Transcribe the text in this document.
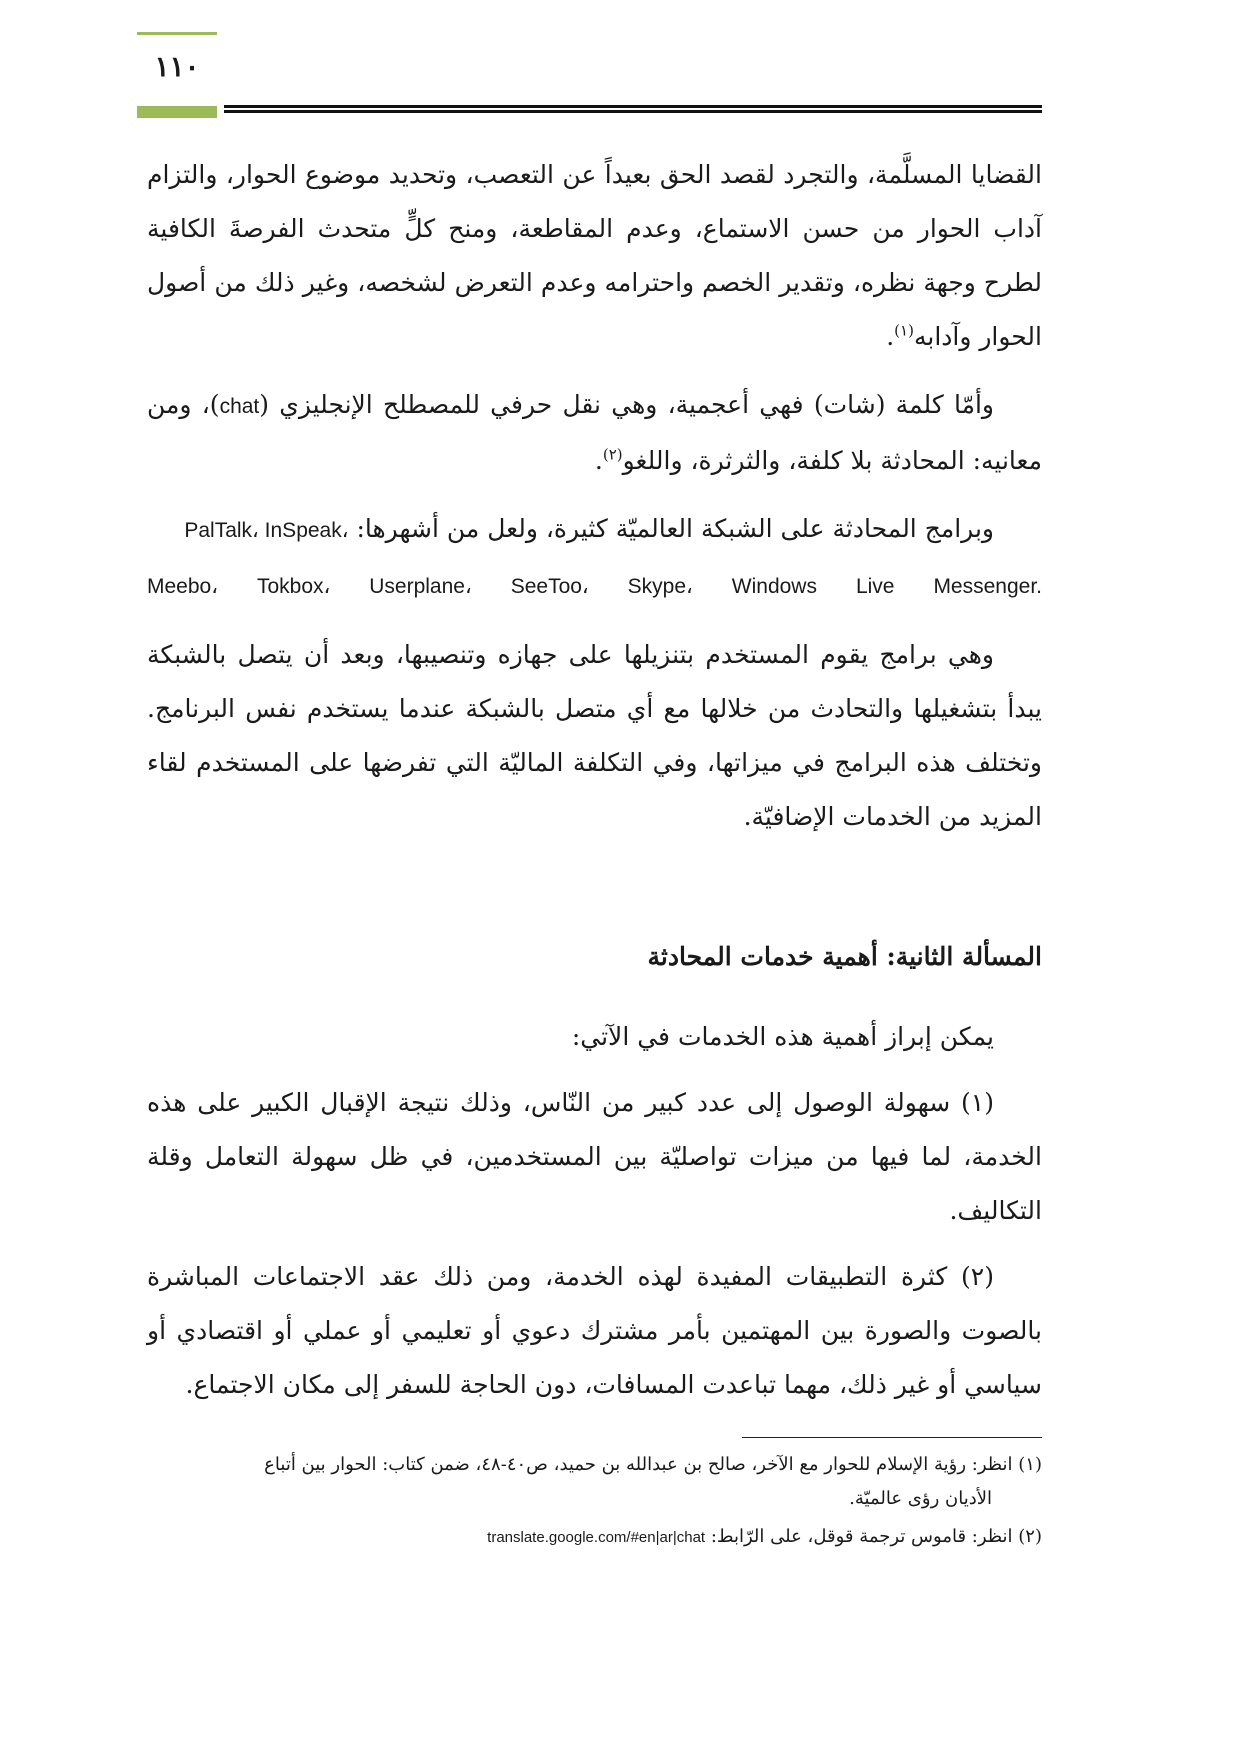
١١٠

القضايا المسلَّمة، والتجرد لقصد الحق بعيداً عن التعصب، وتحديد موضوع الحوار، والتزام آداب الحوار من حسن الاستماع، وعدم المقاطعة، ومنح كلٍّ متحدث الفرصةَ الكافية لطرح وجهة نظره، وتقدير الخصم واحترامه وعدم التعرض لشخصه، وغير ذلك من أصول الحوار وآدابه$^{(١)}$.

وأمّا كلمة (شات) فهي أعجمية، وهي نقل حرفي للمصطلح الإنجليزي (chat)، ومن معانيه: المحادثة بلا كلفة، والثرثرة، واللغو$^{(٢)}$.

وبرامج المحادثة على الشبكة العالميّة كثيرة، ولعل من أشهرها: PalTalk، InSpeak،

Meebo، Tokbox، Userplane، SeeToo، Skype، Windows Live Messenger.

وهي برامج يقوم المستخدم بتنزيلها على جهازه وتنصيبها، وبعد أن يتصل بالشبكة يبدأ بتشغيلها والتحادث من خلالها مع أي متصل بالشبكة عندما يستخدم نفس البرنامج. وتختلف هذه البرامج في ميزاتها، وفي التكلفة الماليّة التي تفرضها على المستخدم لقاء المزيد من الخدمات الإضافيّة.

المسألة الثانية: أهمية خدمات المحادثة

يمكن إبراز أهمية هذه الخدمات في الآتي:

(١) سهولة الوصول إلى عدد كبير من النّاس، وذلك نتيجة الإقبال الكبير على هذه الخدمة، لما فيها من ميزات تواصليّة بين المستخدمين، في ظل سهولة التعامل وقلة التكاليف.

(٢) كثرة التطبيقات المفيدة لهذه الخدمة، ومن ذلك عقد الاجتماعات المباشرة بالصوت والصورة بين المهتمين بأمر مشترك دعوي أو تعليمي أو عملي أو اقتصادي أو سياسي أو غير ذلك، مهما تباعدت المسافات، دون الحاجة للسفر إلى مكان الاجتماع.

(١) انظر: رؤية الإسلام للحوار مع الآخر، صالح بن عبدالله بن حميد، ص٤٠-٤٨، ضمن كتاب: الحوار بين أتباع

الأديان رؤى عالميّة.

(٢) انظر: قاموس ترجمة قوقل، على الرّابط: translate.google.com/#en|ar|chat
